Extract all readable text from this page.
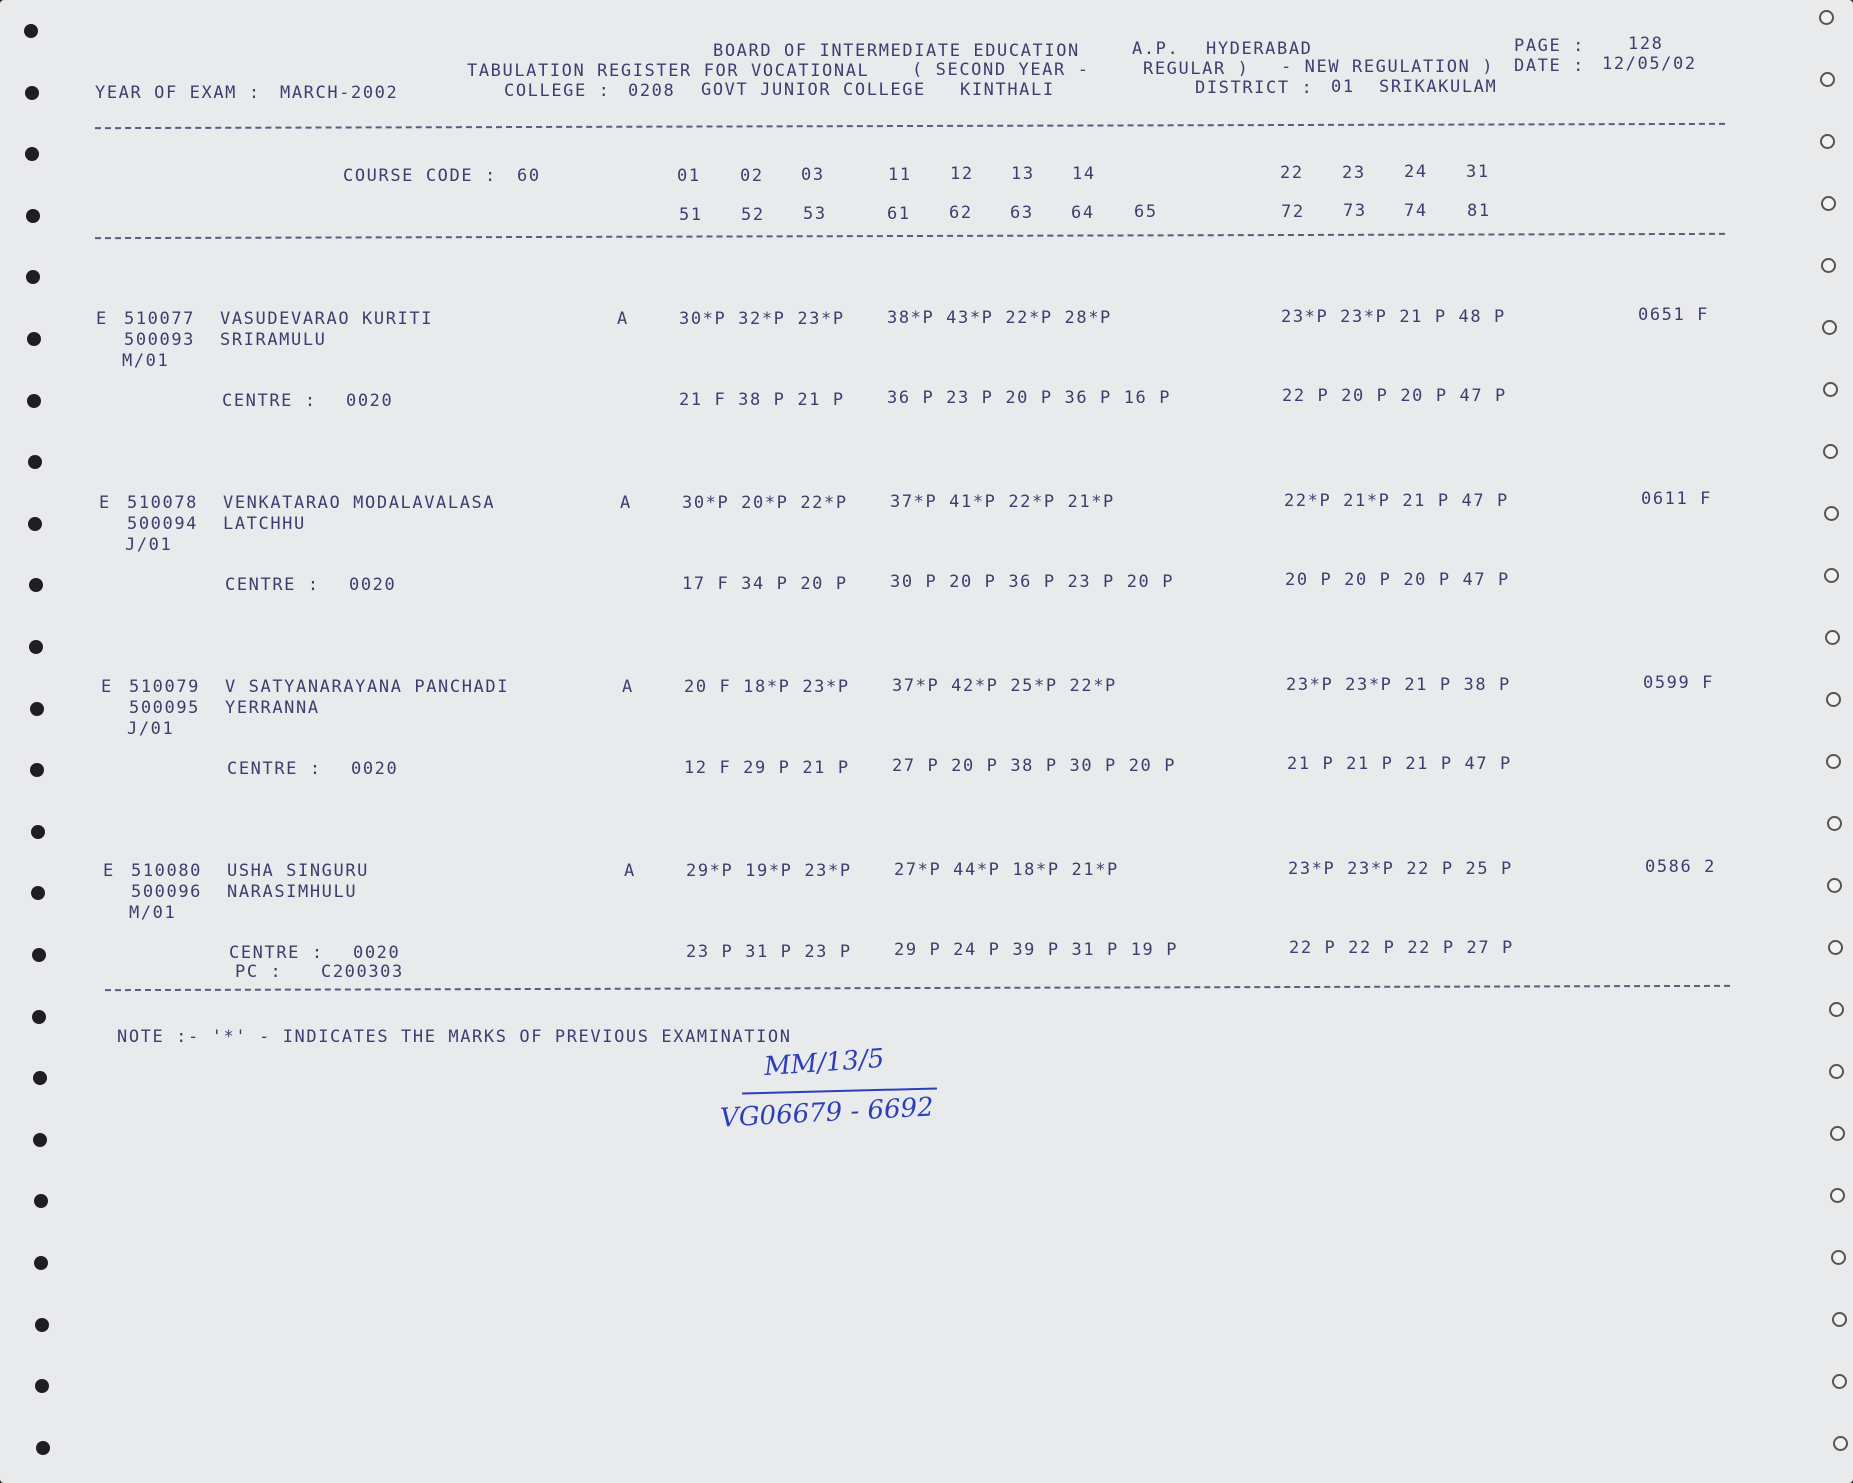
BOARD OF INTERMEDIATE EDUCATION	A.P. HYDERABAD	PAGE :	128
TABULATION REGISTER FOR VOCATIONAL	( SECOND YEAR -	REGULAR ) - NEW REGULATION ) DATE : 12/05/02
YEAR OF EXAM : MARCH-2002	COLLEGE : 0208 GOVT JUNIOR COLLEGE KINTHALI	DISTRICT : 01 SRIKAKULAM
COURSE CODE : 60	01 02 03	11 12 13 14	22 23 24 31
51 52 53	61 62 63 64 65	72 73 74 81
E 510077 VASUDEVARAO KURITI	A	30*P 32*P 23*P 38*P 43*P 22*P 28*P	23*P 23*P 21 P 48 P	0651 F
500093 SRIRAMULU
M/01
CENTRE : 0020	21 F 38 P 21 P 36 P 23 P 20 P 36 P 16 P	22 P 20 P 20 P 47 P
E 510078 VENKATARAO MODALAVALASA	A	30*P 20*P 22*P 37*P 41*P 22*P 21*P	22*P 21*P 21 P 47 P	0611 F
500094 LATCHHU
J/01
CENTRE : 0020	17 F 34 P 20 P 30 P 20 P 36 P 23 P 20 P	20 P 20 P 20 P 47 P
E 510079 V SATYANARAYANA PANCHADI	A	20 F 18*P 23*P 37*P 42*P 25*P 22*P	23*P 23*P 21 P 38 P	0599 F
500095 YERRANNA
J/01
CENTRE : 0020	12 F 29 P 21 P 27 P 20 P 38 P 30 P 20 P	21 P 21 P 21 P 47 P
E 510080 USHA SINGURU	A	29*P 19*P 23*P 27*P 44*P 18*P 21*P	23*P 23*P 22 P 25 P	0586 2
500096 NARASIMHULU
M/01
CENTRE : 0020	23 P 31 P 23 P 29 P 24 P 39 P 31 P 19 P	22 P 22 P 22 P 27 P
PC : C200303
NOTE :- '*' - INDICATES THE MARKS OF PREVIOUS EXAMINATION
MM/13/5
VG06679 - 6692
